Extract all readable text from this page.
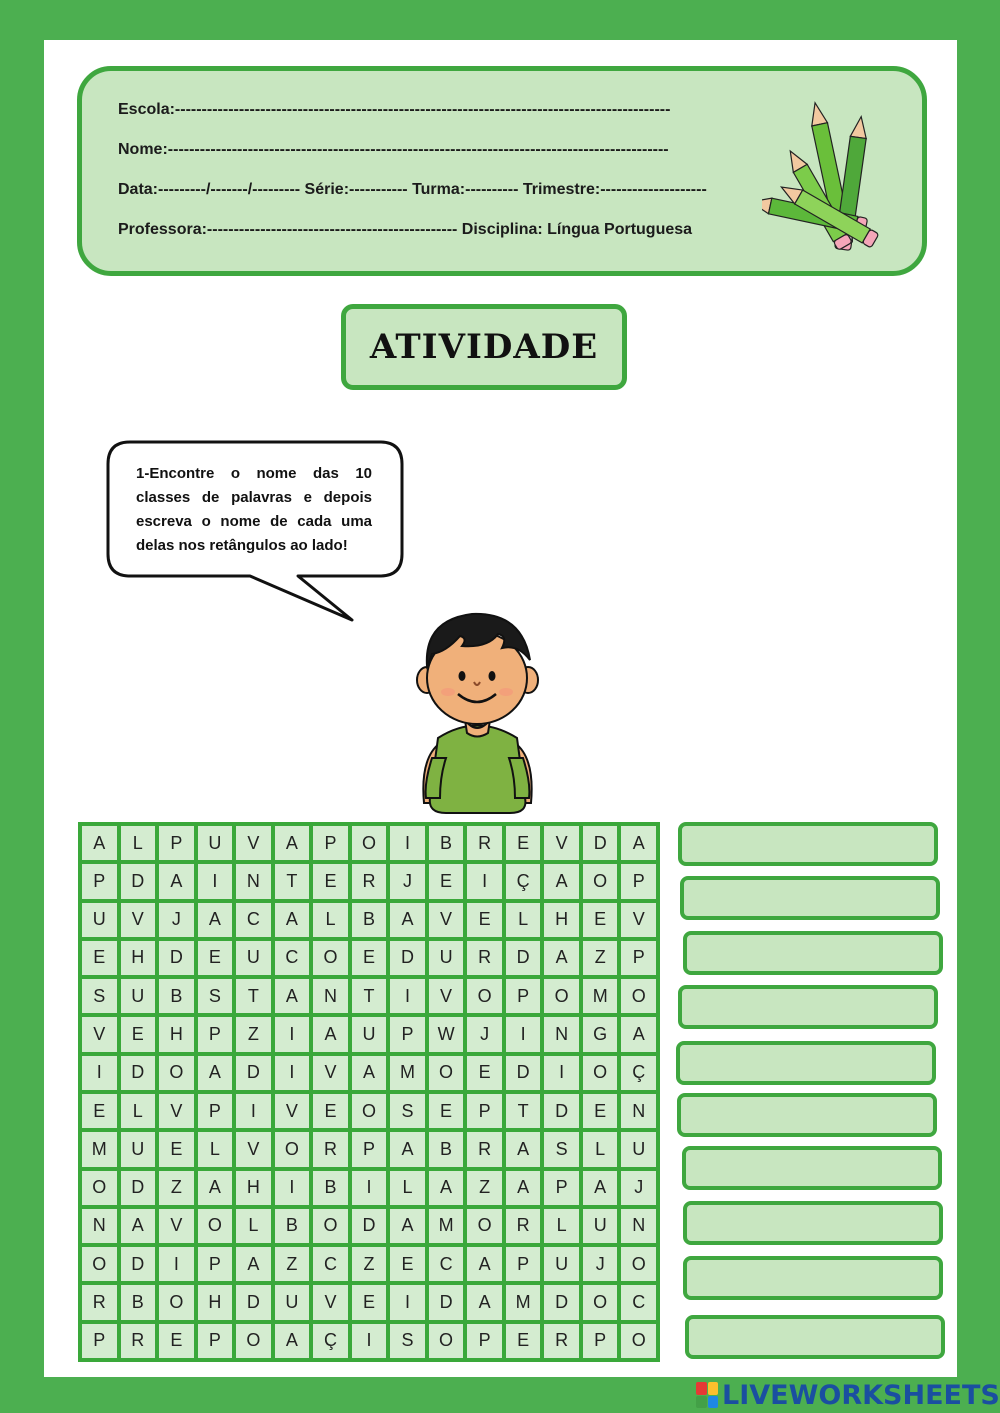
Escola:---------------------------------------------------------------------------------------------
Nome:----------------------------------------------------------------------------------------------
Data:---------/-------/--------- Série:----------- Turma:---------- Trimestre:--------------------
Professora:----------------------------------------------- Disciplina: Língua Portuguesa
ATIVIDADE
1-Encontre o nome das 10 classes de palavras e depois escreva o nome de cada uma delas nos retângulos ao lado!
A	L	P	U	V	A	P	O	I	B	R	E	V	D	A
P	D	A	I	N	T	E	R	J	E	I	Ç	A	O	P
U	V	J	A	C	A	L	B	A	V	E	L	H	E	V
E	H	D	E	U	C	O	E	D	U	R	D	A	Z	P
S	U	B	S	T	A	N	T	I	V	O	P	O	M	O
V	E	H	P	Z	I	A	U	P	W	J	I	N	G	A
I	D	O	A	D	I	V	A	M	O	E	D	I	O	Ç
E	L	V	P	I	V	E	O	S	E	P	T	D	E	N
M	U	E	L	V	O	R	P	A	B	R	A	S	L	U
O	D	Z	A	H	I	B	I	L	A	Z	A	P	A	J
N	A	V	O	L	B	O	D	A	M	O	R	L	U	N
O	D	I	P	A	Z	C	Z	E	C	A	P	U	J	O
R	B	O	H	D	U	V	E	I	D	A	M	D	O	C
P	R	E	P	O	A	Ç	I	S	O	P	E	R	P	O
LIVEWORKSHEETS
